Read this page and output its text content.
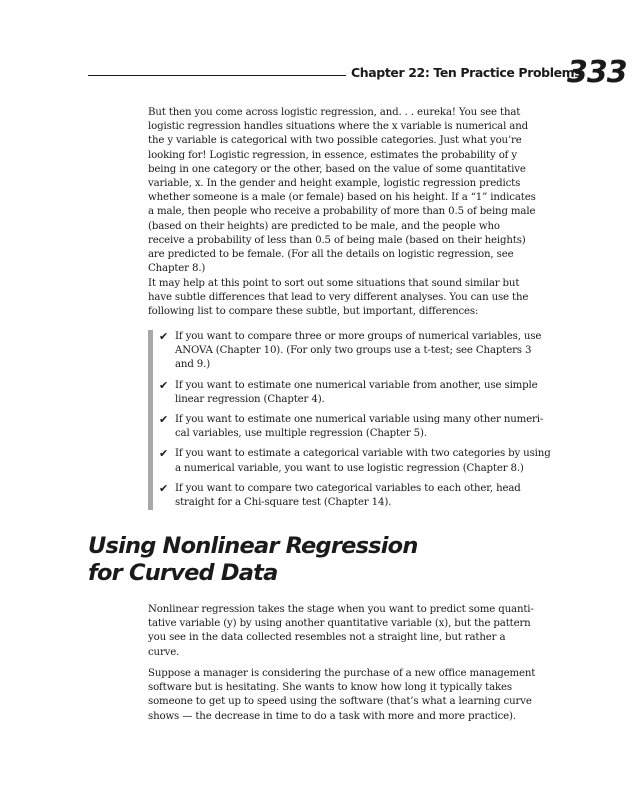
Chapter 22: Ten Practice Problems
333
But then you come across logistic regression, and. . . eureka! You see that
logistic regression handles situations where the x variable is numerical and
the y variable is categorical with two possible categories. Just what you’re
looking for! Logistic regression, in essence, estimates the probability of y
being in one category or the other, based on the value of some quantitative
variable, x. In the gender and height example, logistic regression predicts
whether someone is a male (or female) based on his height. If a “1” indicates
a male, then people who receive a probability of more than 0.5 of being male
(based on their heights) are predicted to be male, and the people who
receive a probability of less than 0.5 of being male (based on their heights)
are predicted to be female. (For all the details on logistic regression, see
Chapter 8.)
It may help at this point to sort out some situations that sound similar but
have subtle differences that lead to very different analyses. You can use the
following list to compare these subtle, but important, differences:
✔ If you want to compare three or more groups of numerical variables, use
ANOVA (Chapter 10). (For only two groups use a t-test; see Chapters 3
and 9.)
✔ If you want to estimate one numerical variable from another, use simple
linear regression (Chapter 4).
✔ If you want to estimate one numerical variable using many other numeri-
cal variables, use multiple regression (Chapter 5).
✔ If you want to estimate a categorical variable with two categories by using
a numerical variable, you want to use logistic regression (Chapter 8.)
✔ If you want to compare two categorical variables to each other, head
straight for a Chi-square test (Chapter 14).
Using Nonlinear Regression
for Curved Data
Nonlinear regression takes the stage when you want to predict some quanti-
tative variable (y) by using another quantitative variable (x), but the pattern
you see in the data collected resembles not a straight line, but rather a
curve.
Suppose a manager is considering the purchase of a new office management
software but is hesitating. She wants to know how long it typically takes
someone to get up to speed using the software (that’s what a learning curve
shows — the decrease in time to do a task with more and more practice).
